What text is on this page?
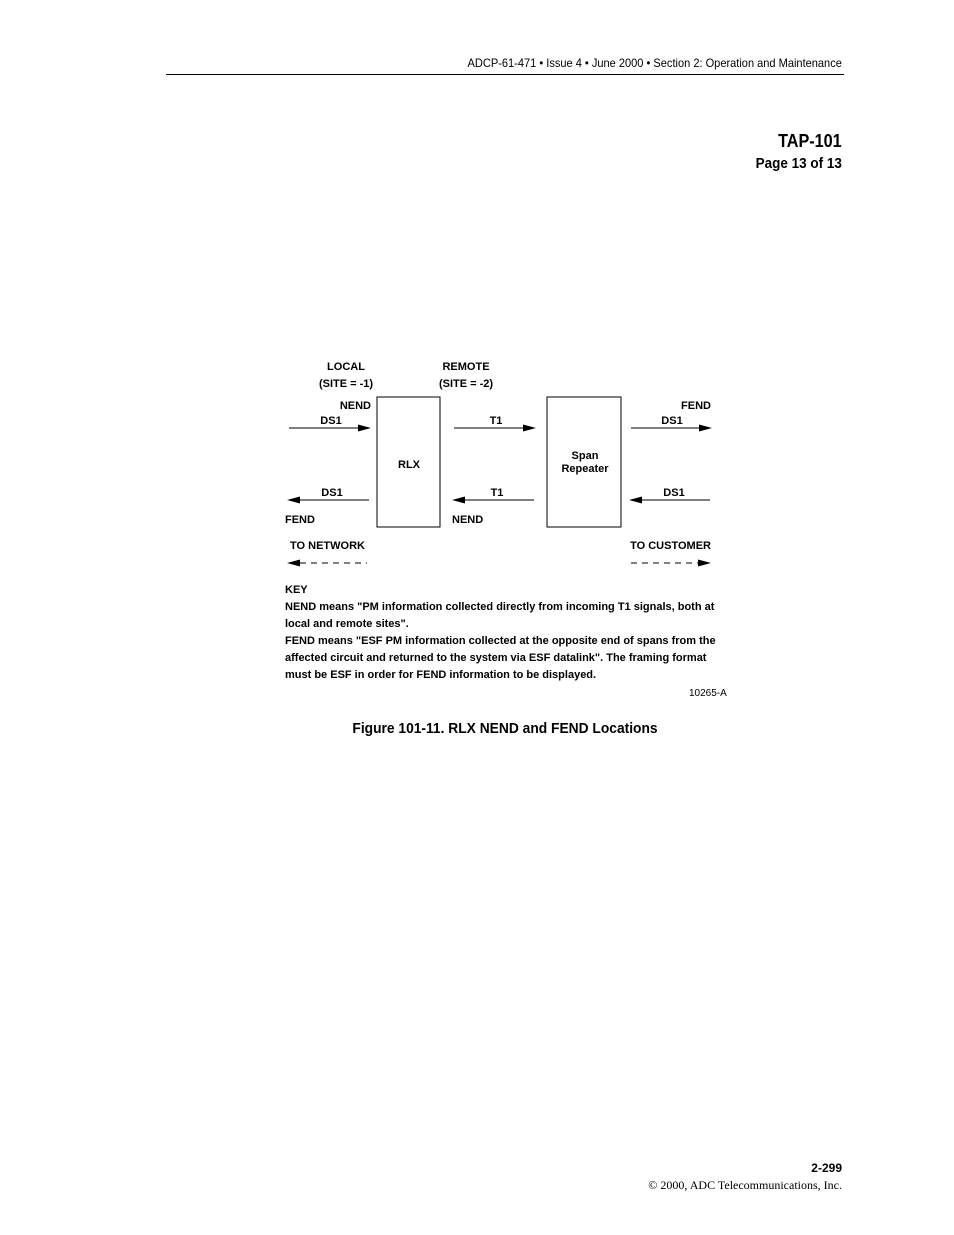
ADCP-61-471 • Issue 4 • June 2000 • Section 2: Operation and Maintenance
TAP-101
Page 13 of 13
LOCAL
(SITE = -1)
REMOTE
(SITE = -2)
RLX
Span
Repeater
NEND	FEND
DS1	T1	DS1
DS1	T1	DS1
FEND	NEND
TO NETWORK	TO CUSTOMER

KEY

NEND means "PM information collected directly from incoming T1 signals, both at local and remote sites".

FEND means "ESF PM information collected at the opposite end of spans from the affected circuit and returned to the system via ESF datalink". The framing format must be ESF in order for FEND information to be displayed.

10265-A
Figure 101-11. RLX NEND and FEND Locations
2-299
© 2000, ADC Telecommunications, Inc.
